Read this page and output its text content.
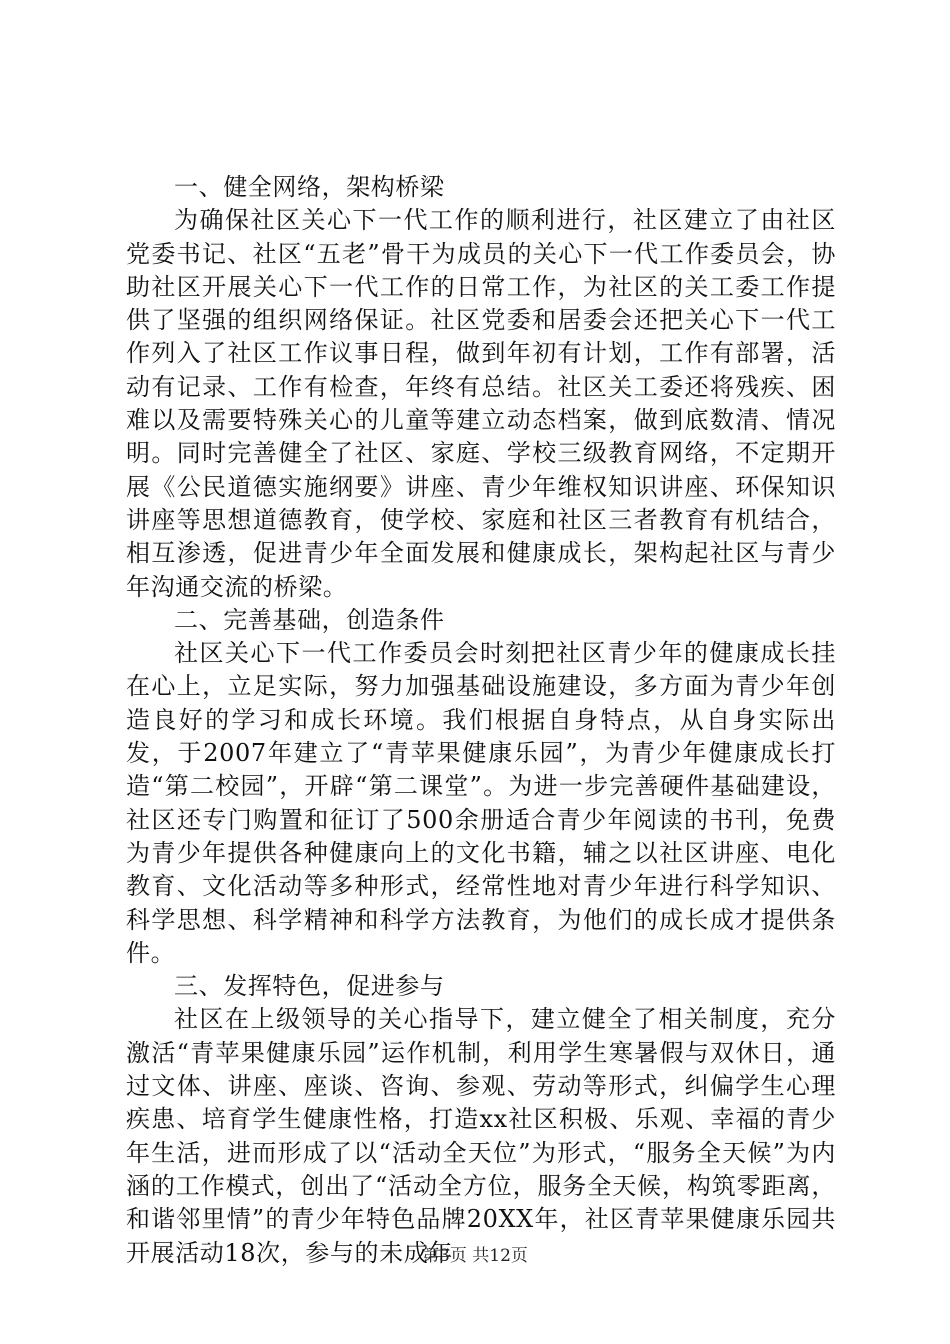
一、健全网络，架构桥梁

为确保社区关心下一代工作的顺利进行，社区建立了由社区党委书记、社区“五老”骨干为成员的关心下一代工作委员会，协助社区开展关心下一代工作的日常工作，为社区的关工委工作提供了坚强的组织网络保证。社区党委和居委会还把关心下一代工作列入了社区工作议事日程，做到年初有计划，工作有部署，活动有记录、工作有检查，年终有总结。社区关工委还将残疾、困难以及需要特殊关心的儿童等建立动态档案，做到底数清、情况明。同时完善健全了社区、家庭、学校三级教育网络，不定期开展《公民道德实施纲要》讲座、青少年维权知识讲座、环保知识讲座等思想道德教育，使学校、家庭和社区三者教育有机结合，相互渗透，促进青少年全面发展和健康成长，架构起社区与青少年沟通交流的桥梁。

二、完善基础，创造条件

社区关心下一代工作委员会时刻把社区青少年的健康成长挂在心上，立足实际，努力加强基础设施建设，多方面为青少年创造良好的学习和成长环境。我们根据自身特点，从自身实际出发，于2007年建立了“青苹果健康乐园”，为青少年健康成长打造“第二校园”，开辟“第二课堂”。为进一步完善硬件基础建设，社区还专门购置和征订了500余册适合青少年阅读的书刊，免费为青少年提供各种健康向上的文化书籍，辅之以社区讲座、电化教育、文化活动等多种形式，经常性地对青少年进行科学知识、科学思想、科学精神和科学方法教育，为他们的成长成才提供条件。

三、发挥特色，促进参与

社区在上级领导的关心指导下，建立健全了相关制度，充分激活“青苹果健康乐园”运作机制，利用学生寒暑假与双休日，通过文体、讲座、座谈、咨询、参观、劳动等形式，纠偏学生心理疾患、培育学生健康性格，打造xx社区积极、乐观、幸福的青少年生活，进而形成了以“活动全天位”为形式，“服务全天候”为内涵的工作模式，创出了“活动全方位，服务全天候，构筑零距离，和谐邻里情”的青少年特色品牌20XX年，社区青苹果健康乐园共开展活动18次，参与的未成年

第3页 共12页
